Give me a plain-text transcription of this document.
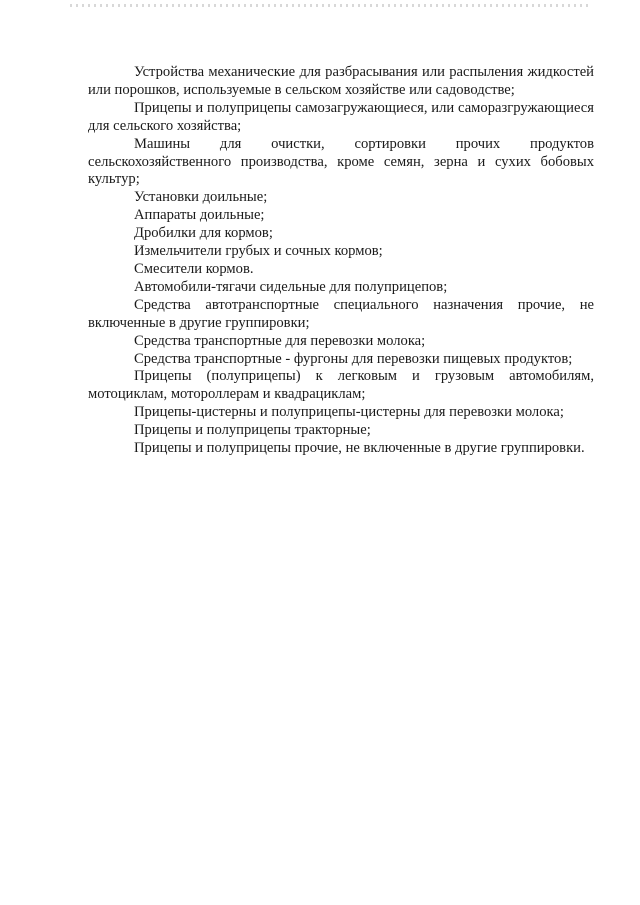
Устройства механические для разбрасывания или распыления жидкостей или порошков, используемые в сельском хозяйстве или садоводстве;

Прицепы и полуприцепы самозагружающиеся, или саморазгружающиеся для сельского хозяйства;

Машины для очистки, сортировки прочих продуктов сельскохозяйственного производства, кроме семян, зерна и сухих бобовых культур;

Установки доильные;

Аппараты доильные;

Дробилки для кормов;

Измельчители грубых и сочных кормов;

Смесители кормов.

Автомобили-тягачи сидельные для полуприцепов;

Средства автотранспортные специального назначения прочие, не включенные в другие группировки;

Средства транспортные для перевозки молока;

Средства транспортные - фургоны для перевозки пищевых продуктов;

Прицепы (полуприцепы) к легковым и грузовым автомобилям, мотоциклам, мотороллерам и квадрациклам;

Прицепы-цистерны и полуприцепы-цистерны для перевозки молока;

Прицепы и полуприцепы тракторные;

Прицепы и полуприцепы прочие, не включенные в другие группировки.
